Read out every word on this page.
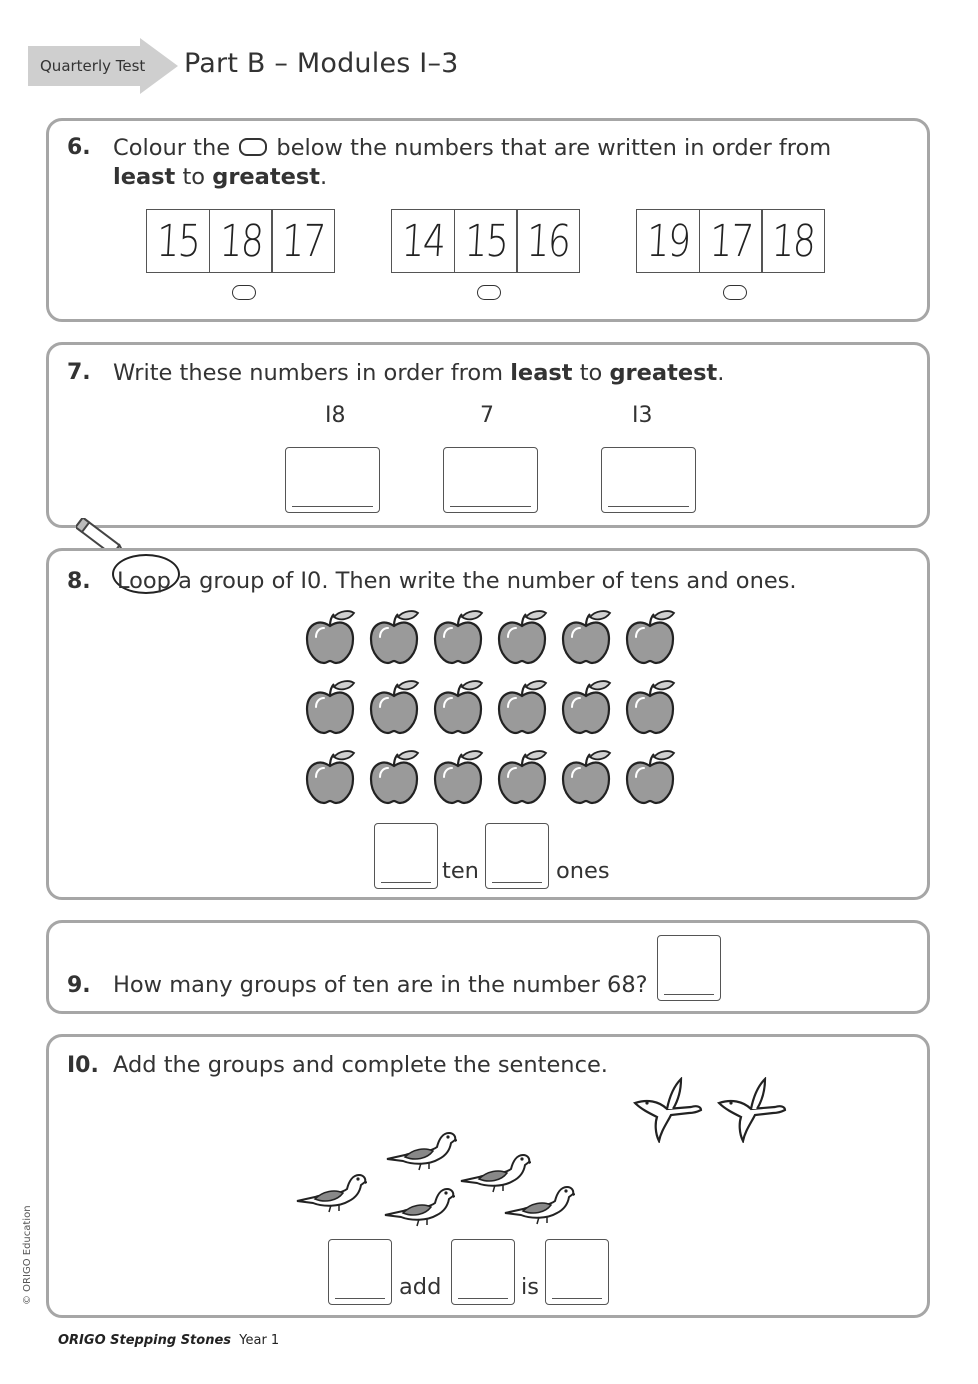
Quarterly Test Part B – Modules I–3
6. Colour the below the numbers that are written in order from
least to greatest.
15 18 17 14 15 16 19 17 18
7. Write these numbers in order from least to greatest.
I8	7	I3
8. Loop a group of I0. Then write the number of tens and ones.
ten	ones
9. How many groups of ten are in the number 68?
I0. Add the groups and complete the sentence.
add	is
© ORIGO Education
ORIGO Stepping Stones Year 1
